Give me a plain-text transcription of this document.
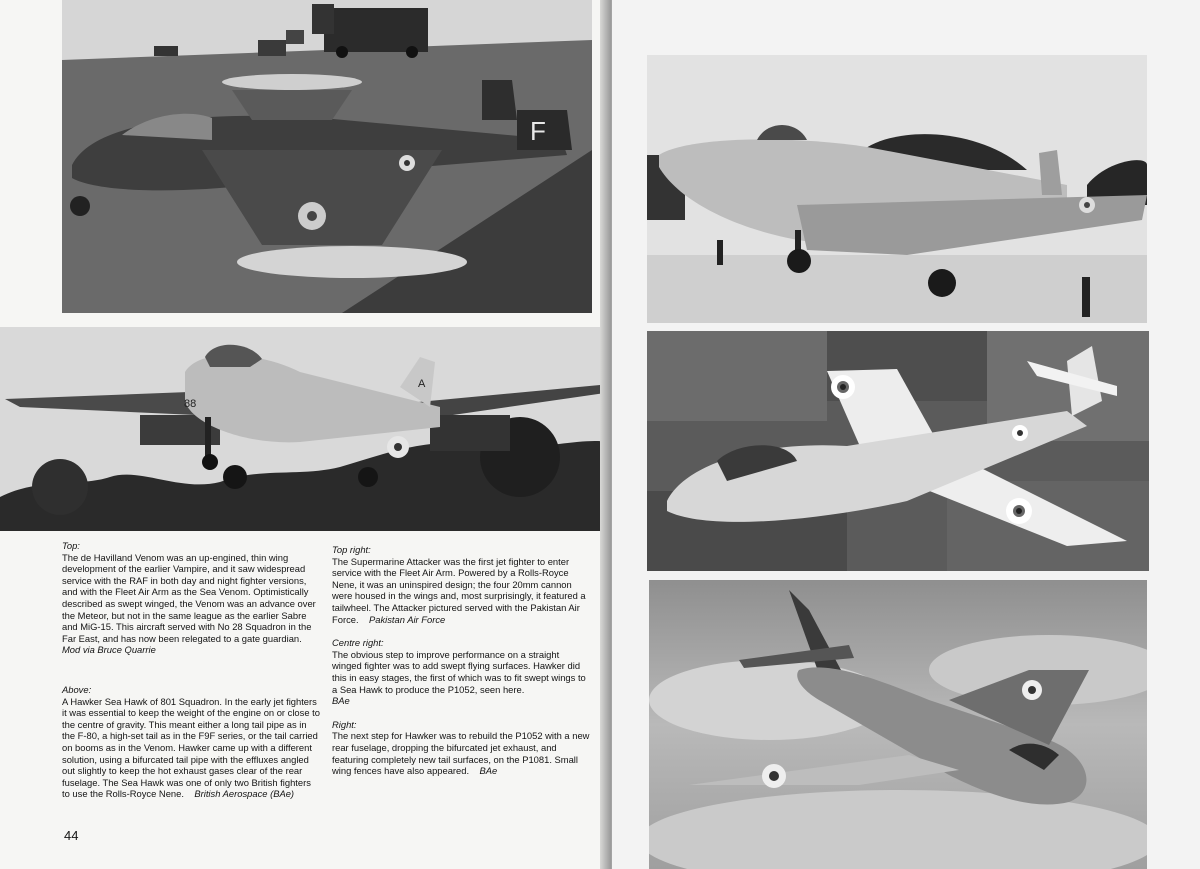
F
A
88
Top:
The de Havilland Venom was an up-engined, thin wing development of the earlier Vampire, and it saw widespread service with the RAF in both day and night fighter versions, and with the Fleet Air Arm as the Sea Venom. Optimistically described as swept winged, the Venom was an advance over the Meteor, but not in the same league as the earlier Sabre and MiG-15. This aircraft served with No 28 Squadron in the Far East, and has now been relegated to a gate guardian.
Mod via Bruce Quarrie
Above:
A Hawker Sea Hawk of 801 Squadron. In the early jet fighters it was essential to keep the weight of the engine on or close to the centre of gravity. This meant either a long tail pipe as in the F-80, a high-set tail as in the F9F series, or the tail carried on booms as in the Venom. Hawker came up with a different solution, using a bifurcated tail pipe with the effluxes angled out slightly to keep the hot exhaust gases clear of the rear fuselage. The Sea Hawk was one of only two British fighters to use the Rolls-Royce Nene. British Aerospace (BAe)
Top right:
The Supermarine Attacker was the first jet fighter to enter service with the Fleet Air Arm. Powered by a Rolls-Royce Nene, it was an uninspired design; the four 20mm cannon were housed in the wings and, most surprisingly, it featured a tailwheel. The Attacker pictured served with the Pakistan Air Force. Pakistan Air Force
Centre right:
The obvious step to improve performance on a straight winged fighter was to add swept flying surfaces. Hawker did this in easy stages, the first of which was to fit swept wings to a Sea Hawk to produce the P1052, seen here.
BAe
Right:
The next step for Hawker was to rebuild the P1052 with a new rear fuselage, dropping the bifurcated jet exhaust, and featuring completely new tail surfaces, on the P1081. Small wing fences have also appeared. BAe
44
